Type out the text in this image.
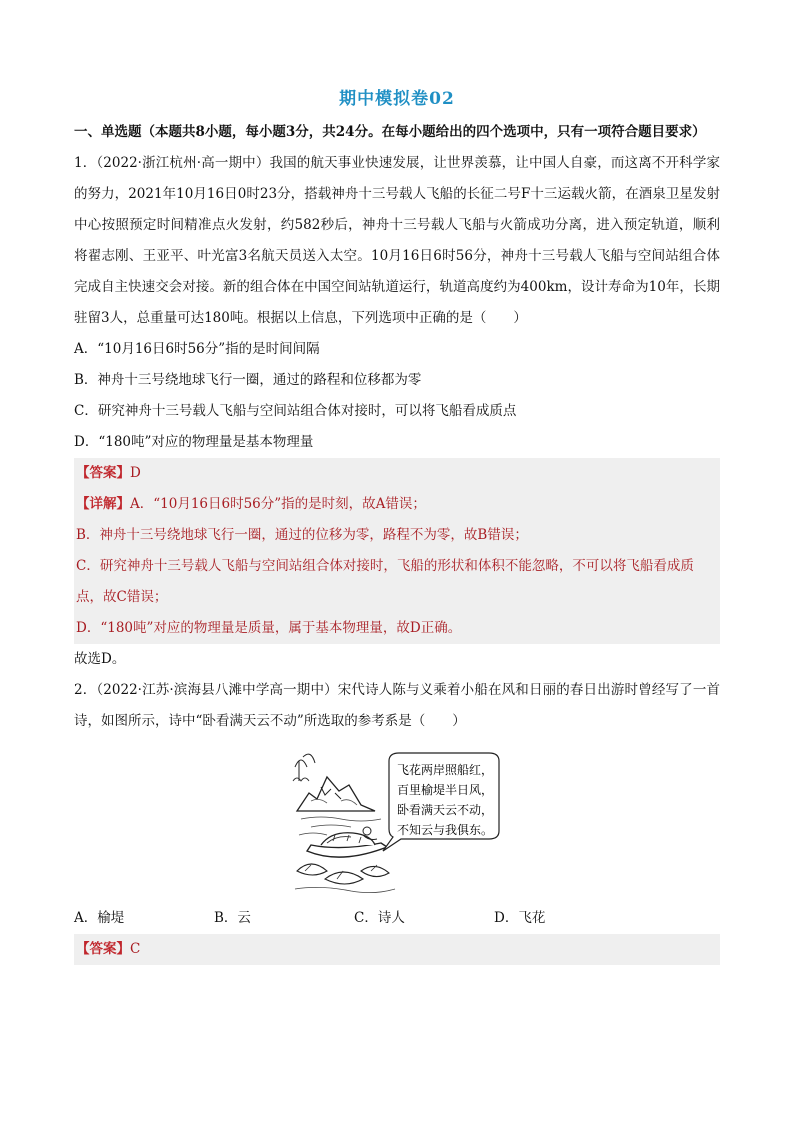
期中模拟卷02

一、单选题（本题共8小题，每小题3分，共24分。在每小题给出的四个选项中，只有一项符合题目要求）

1．（2022·浙江杭州·高一期中）我国的航天事业快速发展，让世界羡慕，让中国人自豪，而这离不开科学家的努力，2021年10月16日0时23分，搭载神舟十三号载人飞船的长征二号F十三运载火箭，在酒泉卫星发射中心按照预定时间精准点火发射，约582秒后，神舟十三号载人飞船与火箭成功分离，进入预定轨道，顺利将翟志刚、王亚平、叶光富3名航天员送入太空。10月16日6时56分，神舟十三号载人飞船与空间站组合体完成自主快速交会对接。新的组合体在中国空间站轨道运行，轨道高度约为400km，设计寿命为10年，长期驻留3人，总重量可达180吨。根据以上信息，下列选项中正确的是（　　）

A．“10月16日6时56分”指的是时间间隔

B．神舟十三号绕地球飞行一圈，通过的路程和位移都为零

C．研究神舟十三号载人飞船与空间站组合体对接时，可以将飞船看成质点

D．“180吨”对应的物理量是基本物理量

【答案】D

【详解】A．“10月16日6时56分”指的是时刻，故A错误；

B．神舟十三号绕地球飞行一圈，通过的位移为零，路程不为零，故B错误；

C．研究神舟十三号载人飞船与空间站组合体对接时，飞船的形状和体积不能忽略，不可以将飞船看成质点，故C错误；

D．“180吨”对应的物理量是质量，属于基本物理量，故D正确。

故选D。

2．（2022·江苏·滨海县八滩中学高一期中）宋代诗人陈与义乘着小船在风和日丽的春日出游时曾经写了一首诗，如图所示，诗中“卧看满天云不动”所选取的参考系是（　　）

飞花两岸照船红，
百里榆堤半日风，
卧看满天云不动，
不知云与我俱东。
A．榆堤	B．云	C．诗人	D．飞花

【答案】C
